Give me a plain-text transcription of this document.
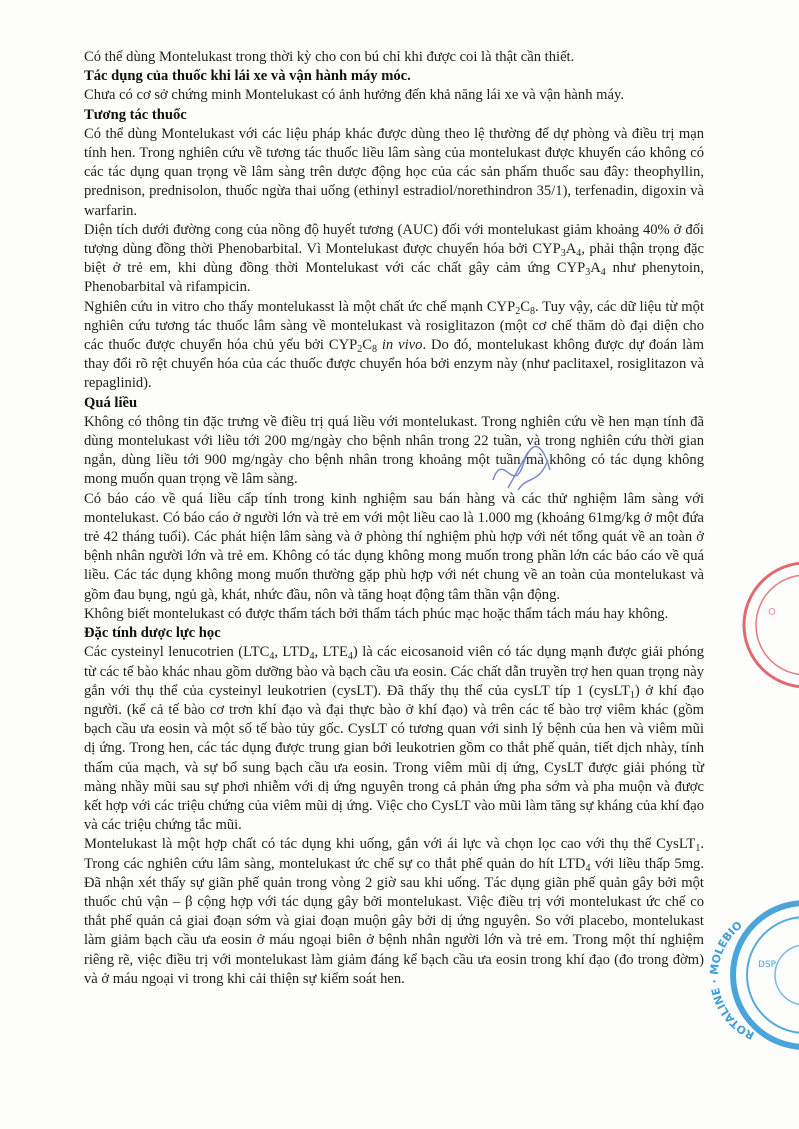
Có thể dùng Montelukast trong thời kỳ cho con bú chỉ khi được coi là thật cần thiết.

Tác dụng của thuốc khi lái xe và vận hành máy móc.

Chưa có cơ sở chứng minh Montelukast có ảnh hưởng đến khả năng lái xe và vận hành máy.

Tương tác thuốc

Có thể dùng Montelukast với các liệu pháp khác được dùng theo lệ thường để dự phòng và điều trị mạn tính hen. Trong nghiên cứu về tương tác thuốc liều lâm sàng của montelukast được khuyến cáo không có các tác dụng quan trọng về lâm sàng trên dược động học của các sản phẩm thuốc sau đây: theophyllin, prednison, prednisolon, thuốc ngừa thai uống (ethinyl estradiol/norethindron 35/1), terfenadin, digoxin và warfarin.

Diện tích dưới đường cong của nồng độ huyết tương (AUC) đối với montelukast giảm khoảng 40% ở đối tượng dùng đồng thời Phenobarbital. Vì Montelukast được chuyển hóa bởi $CYP_3A_4$, phải thận trọng đặc biệt ở trẻ em, khi dùng đồng thời Montelukast với các chất gây cảm ứng $CYP_3A_4$ như phenytoin, Phenobarbital và rifampicin.

Nghiên cứu in vitro cho thấy montelukasst là một chất ức chế mạnh $CYP_2C_8$. Tuy vậy, các dữ liệu từ một nghiên cứu tương tác thuốc lâm sàng về montelukast và rosiglitazon (một cơ chế thăm dò đại diện cho các thuốc được chuyển hóa chủ yếu bởi $CYP_2C_8$ in vivo. Do đó, montelukast không được dự đoán làm thay đổi rõ rệt chuyển hóa của các thuốc được chuyển hóa bởi enzym này (như paclitaxel, rosiglitazon và repaglinid).

Quá liều

Không có thông tin đặc trưng về điều trị quá liều với montelukast. Trong nghiên cứu về hen mạn tính đã dùng montelukast với liều tới 200 mg/ngày cho bệnh nhân trong 22 tuần, và trong nghiên cứu thời gian ngắn, dùng liều tới 900 mg/ngày cho bệnh nhân trong khoảng một tuần mà không có tác dụng không mong muốn quan trọng về lâm sàng.

Có báo cáo về quá liều cấp tính trong kinh nghiệm sau bán hàng và các thử nghiệm lâm sàng với montelukast. Có báo cáo ở người lớn và trẻ em với một liều cao là 1.000 mg (khoảng 61mg/kg ở một đứa trẻ 42 tháng tuổi). Các phát hiện lâm sàng và ở phòng thí nghiệm phù hợp với nét tổng quát về an toàn ở bệnh nhân người lớn và trẻ em. Không có tác dụng không mong muốn trong phần lớn các báo cáo về quá liều. Các tác dụng không mong muốn thường gặp phù hợp với nét chung về an toàn của montelukast và gồm đau bụng, ngủ gà, khát, nhức đầu, nôn và tăng hoạt động tâm thần vận động.

Không biết montelukast có được thẩm tách bởi thẩm tách phúc mạc hoặc thẩm tách máu hay không.

Đặc tính dược lực học

Các cysteinyl lenucotrien ($LTC_4$, $LTD_4$, $LTE_4$) là các eicosanoid viên có tác dụng mạnh được giải phóng từ các tế bào khác nhau gồm dưỡng bào và bạch cầu ưa eosin. Các chất dẫn truyền trợ hen quan trọng này gắn với thụ thể của cysteinyl leukotrien (cysLT). Đã thấy thụ thể của cysLT típ 1 (cysLT$_1$) ở khí đạo người. (kể cả tế bào cơ trơn khí đạo và đại thực bào ở khí đạo) và trên các tế bào trợ viêm khác (gồm bạch cầu ưa eosin và một số tế bào tủy gốc. CysLT có tương quan với sinh lý bệnh của hen và viêm mũi dị ứng. Trong hen, các tác dụng được trung gian bởi leukotrien gồm co thắt phế quản, tiết dịch nhày, tính thấm của mạch, và sự bổ sung bạch cầu ưa eosin. Trong viêm mũi dị ứng, CysLT được giải phóng từ màng nhầy mũi sau sự phơi nhiễm với dị ứng nguyên trong cả phản ứng pha sớm và pha muộn và được kết hợp với các triệu chứng của viêm mũi dị ứng. Việc cho CysLT vào mũi làm tăng sự kháng của khí đạo và các triệu chứng tắc mũi.

Montelukast là một hợp chất có tác dụng khi uống, gắn với ái lực và chọn lọc cao với thụ thể CysLT$_1$. Trong các nghiên cứu lâm sàng, montelukast ức chế sự co thắt phế quản do hít $LTD_4$ với liều thấp 5mg. Đã nhận xét thấy sự giãn phế quản trong vòng 2 giờ sau khi uống. Tác dụng giãn phế quản gây bởi một thuốc chủ vận – β cộng hợp với tác dụng gây bởi montelukast. Việc điều trị với montelukast ức chế co thắt phế quản cả giai đoạn sớm và giai đoạn muộn gây bởi dị ứng nguyên. So với placebo, montelukast làm giảm bạch cầu ưa eosin ở máu ngoại biên ở bệnh nhân người lớn và trẻ em. Trong một thí nghiệm riêng rẽ, việc điều trị với montelukast làm giảm đáng kể bạch cầu ưa eosin trong khí đạo (đo trong đờm) và ở máu ngoại vi trong khi cải thiện sự kiểm soát hen.

O
ROTALINE · MOLEBIO
DSP
